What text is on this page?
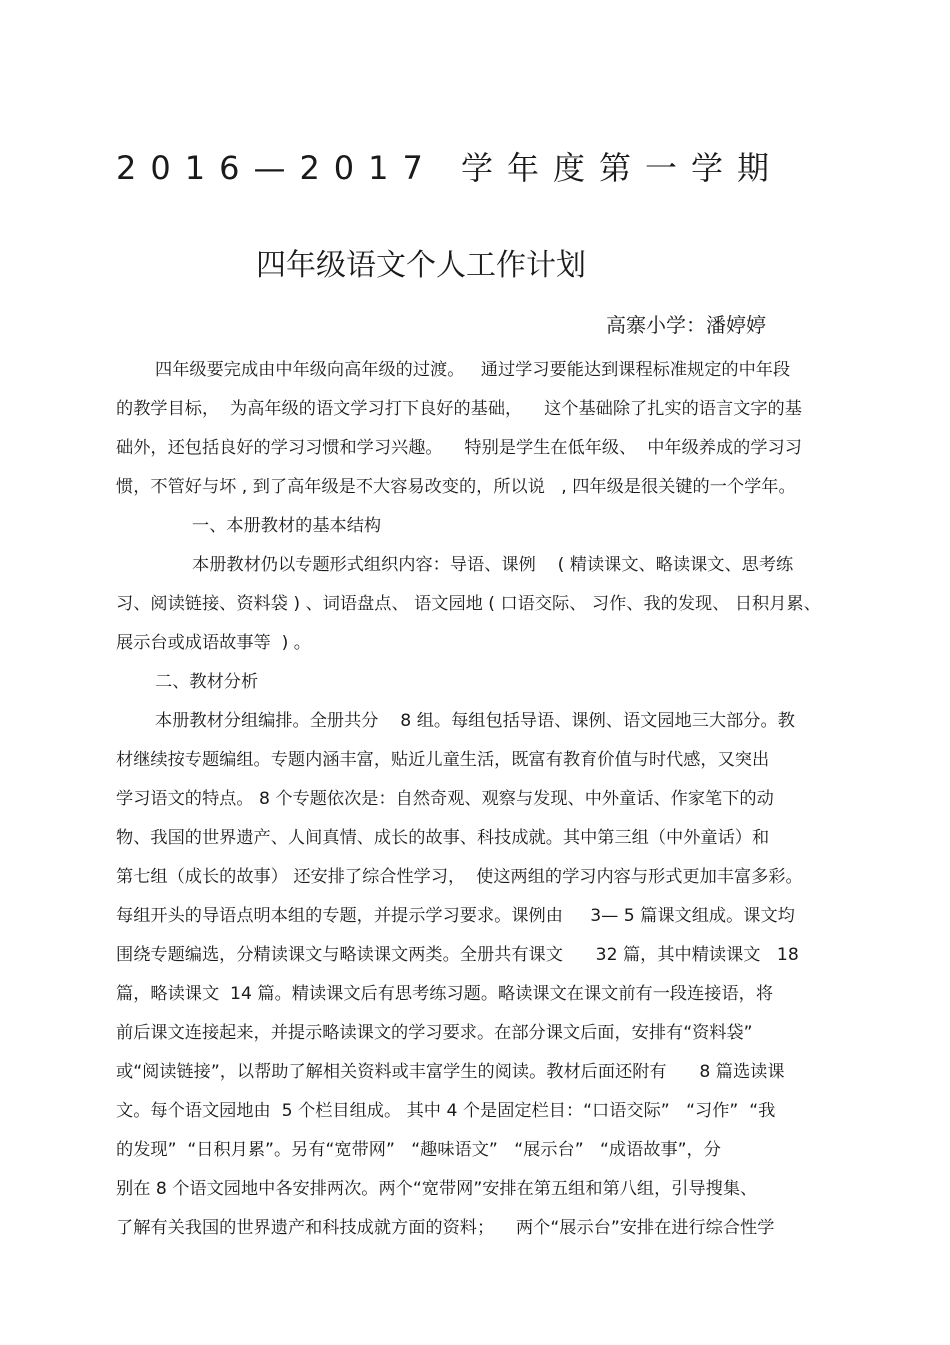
2016—2017 学年度第一学期
四年级语文个人工作计划
高寨小学：潘婷婷
四年级要完成由中年级向高年级的过渡。   通过学习要能达到课程标准规定的中年段
的教学目标，  为高年级的语文学习打下良好的基础，    这个基础除了扎实的语言文字的基
础外，还包括良好的学习习惯和学习兴趣。    特别是学生在低年级、  中年级养成的学习习
惯，不管好与坏 , 到了高年级是不大容易改变的，所以说   , 四年级是很关键的一个学年。
一、本册教材的基本结构
本册教材仍以专题形式组织内容：导语、课例    ( 精读课文、略读课文、思考练
习、阅读链接、资料袋 ) 、词语盘点、 语文园地 ( 口语交际、 习作、我的发现、 日积月累、
展示台或成语故事等  ) 。
二、教材分析
本册教材分组编排。全册共分    8 组。每组包括导语、课例、语文园地三大部分。教
材继续按专题编组。专题内涵丰富，贴近儿童生活，既富有教育价值与时代感，又突出
学习语文的特点。 8 个专题依次是：自然奇观、观察与发现、中外童话、作家笔下的动
物、我国的世界遗产、人间真情、成长的故事、科技成就。其中第三组（中外童话）和
第七组（成长的故事） 还安排了综合性学习，  使这两组的学习内容与形式更加丰富多彩。
每组开头的导语点明本组的专题，并提示学习要求。课例由     3— 5 篇课文组成。课文均
围绕专题编选，分精读课文与略读课文两类。全册共有课文      32 篇，其中精读课文   18
篇，略读课文  14 篇。精读课文后有思考练习题。略读课文在课文前有一段连接语，将
前后课文连接起来，并提示略读课文的学习要求。在部分课文后面，安排有“资料袋”
或“阅读链接”，以帮助了解相关资料或丰富学生的阅读。教材后面还附有      8 篇选读课
文。每个语文园地由  5 个栏目组成。 其中 4 个是固定栏目：“口语交际”   “习作”  “我
的发现”  “日积月累”。另有“宽带网”   “趣味语文”   “展示台”   “成语故事”，分
别在 8 个语文园地中各安排两次。两个“宽带网”安排在第五组和第八组，引导搜集、
了解有关我国的世界遗产和科技成就方面的资料；    两个“展示台”安排在进行综合性学
